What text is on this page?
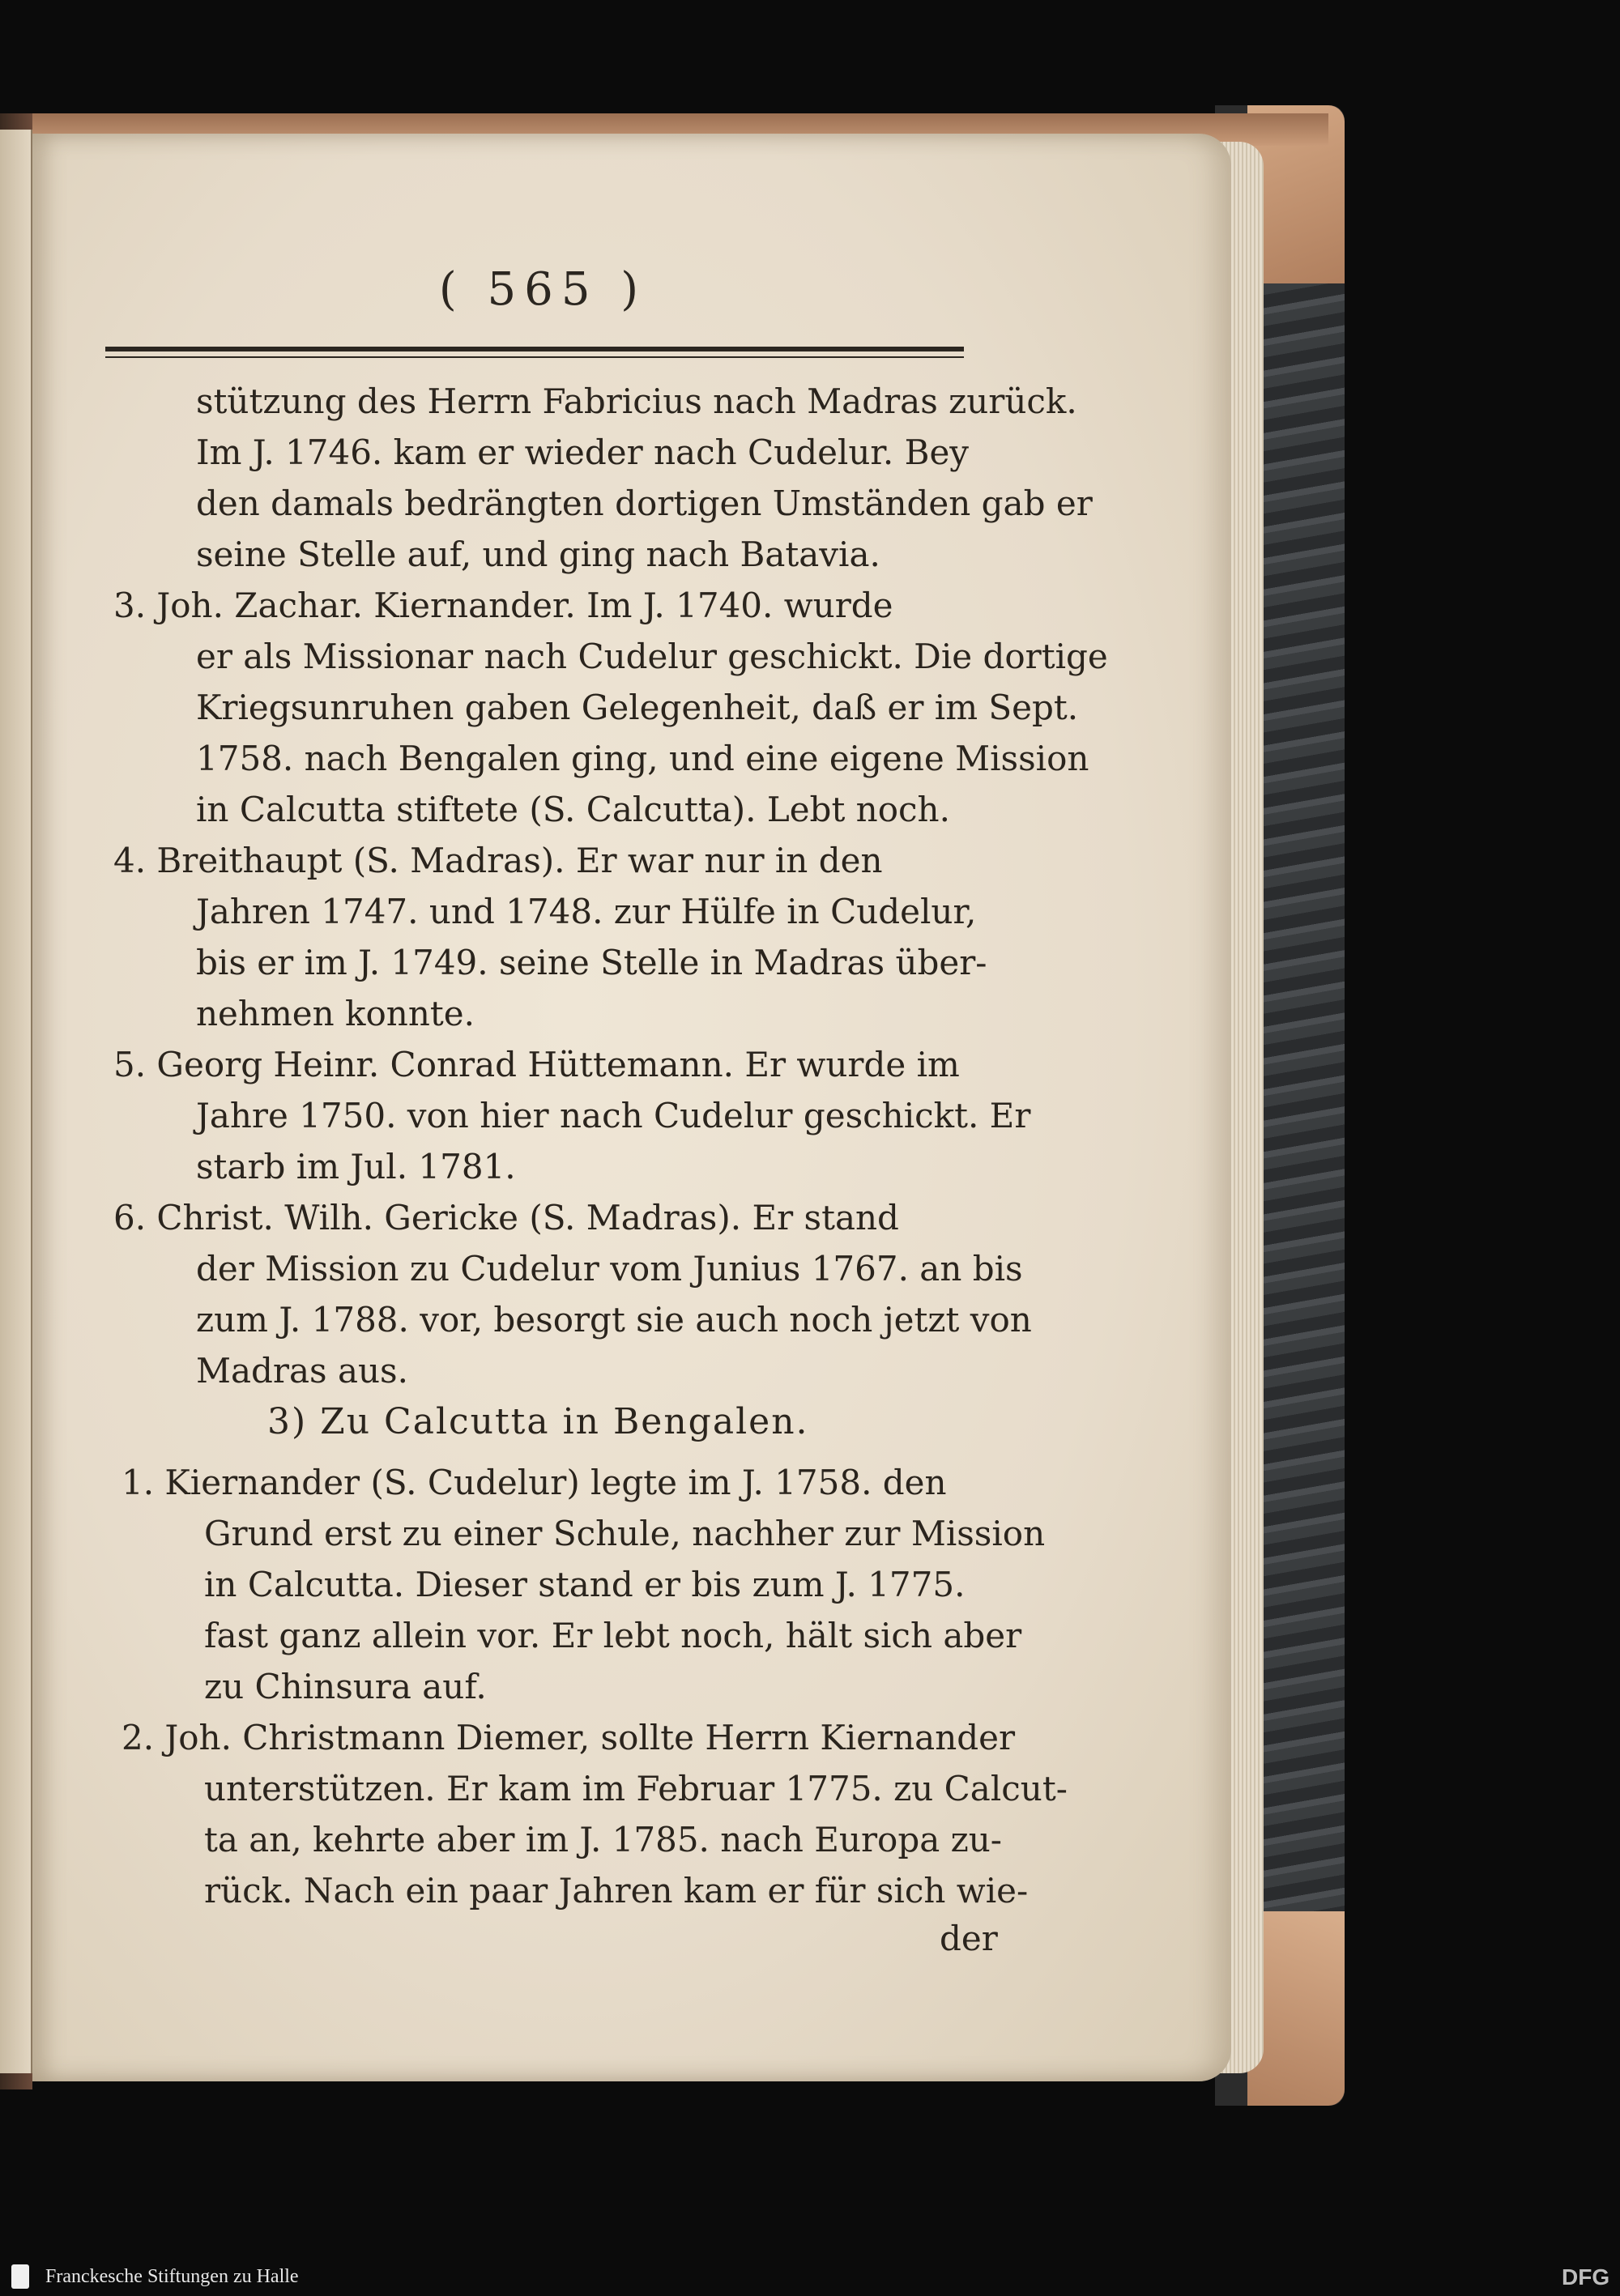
( 565 )
stützung des Herrn Fabricius nach Madras zurück.
Im J. 1746. kam er wieder nach Cudelur. Bey
den damals bedrängten dortigen Umständen gab er
seine Stelle auf, und ging nach Batavia.
3. Joh. Zachar. Kiernander. Im J. 1740. wurde
er als Missionar nach Cudelur geschickt. Die dortige
Kriegsunruhen gaben Gelegenheit, daß er im Sept.
1758. nach Bengalen ging, und eine eigene Mission
in Calcutta stiftete (S. Calcutta). Lebt noch.
4. Breithaupt (S. Madras). Er war nur in den
Jahren 1747. und 1748. zur Hülfe in Cudelur,
bis er im J. 1749. seine Stelle in Madras über-
nehmen konnte.
5. Georg Heinr. Conrad Hüttemann. Er wurde im
Jahre 1750. von hier nach Cudelur geschickt. Er
starb im Jul. 1781.
6. Christ. Wilh. Gericke (S. Madras). Er stand
der Mission zu Cudelur vom Junius 1767. an bis
zum J. 1788. vor, besorgt sie auch noch jetzt von
Madras aus.
3) Zu Calcutta in Bengalen.
1. Kiernander (S. Cudelur) legte im J. 1758. den
Grund erst zu einer Schule, nachher zur Mission
in Calcutta. Dieser stand er bis zum J. 1775.
fast ganz allein vor. Er lebt noch, hält sich aber
zu Chinsura auf.
2. Joh. Christmann Diemer, sollte Herrn Kiernander
unterstützen. Er kam im Februar 1775. zu Calcut-
ta an, kehrte aber im J. 1785. nach Europa zu-
rück. Nach ein paar Jahren kam er für sich wie-
der
Franckesche Stiftungen zu Halle	DFG
